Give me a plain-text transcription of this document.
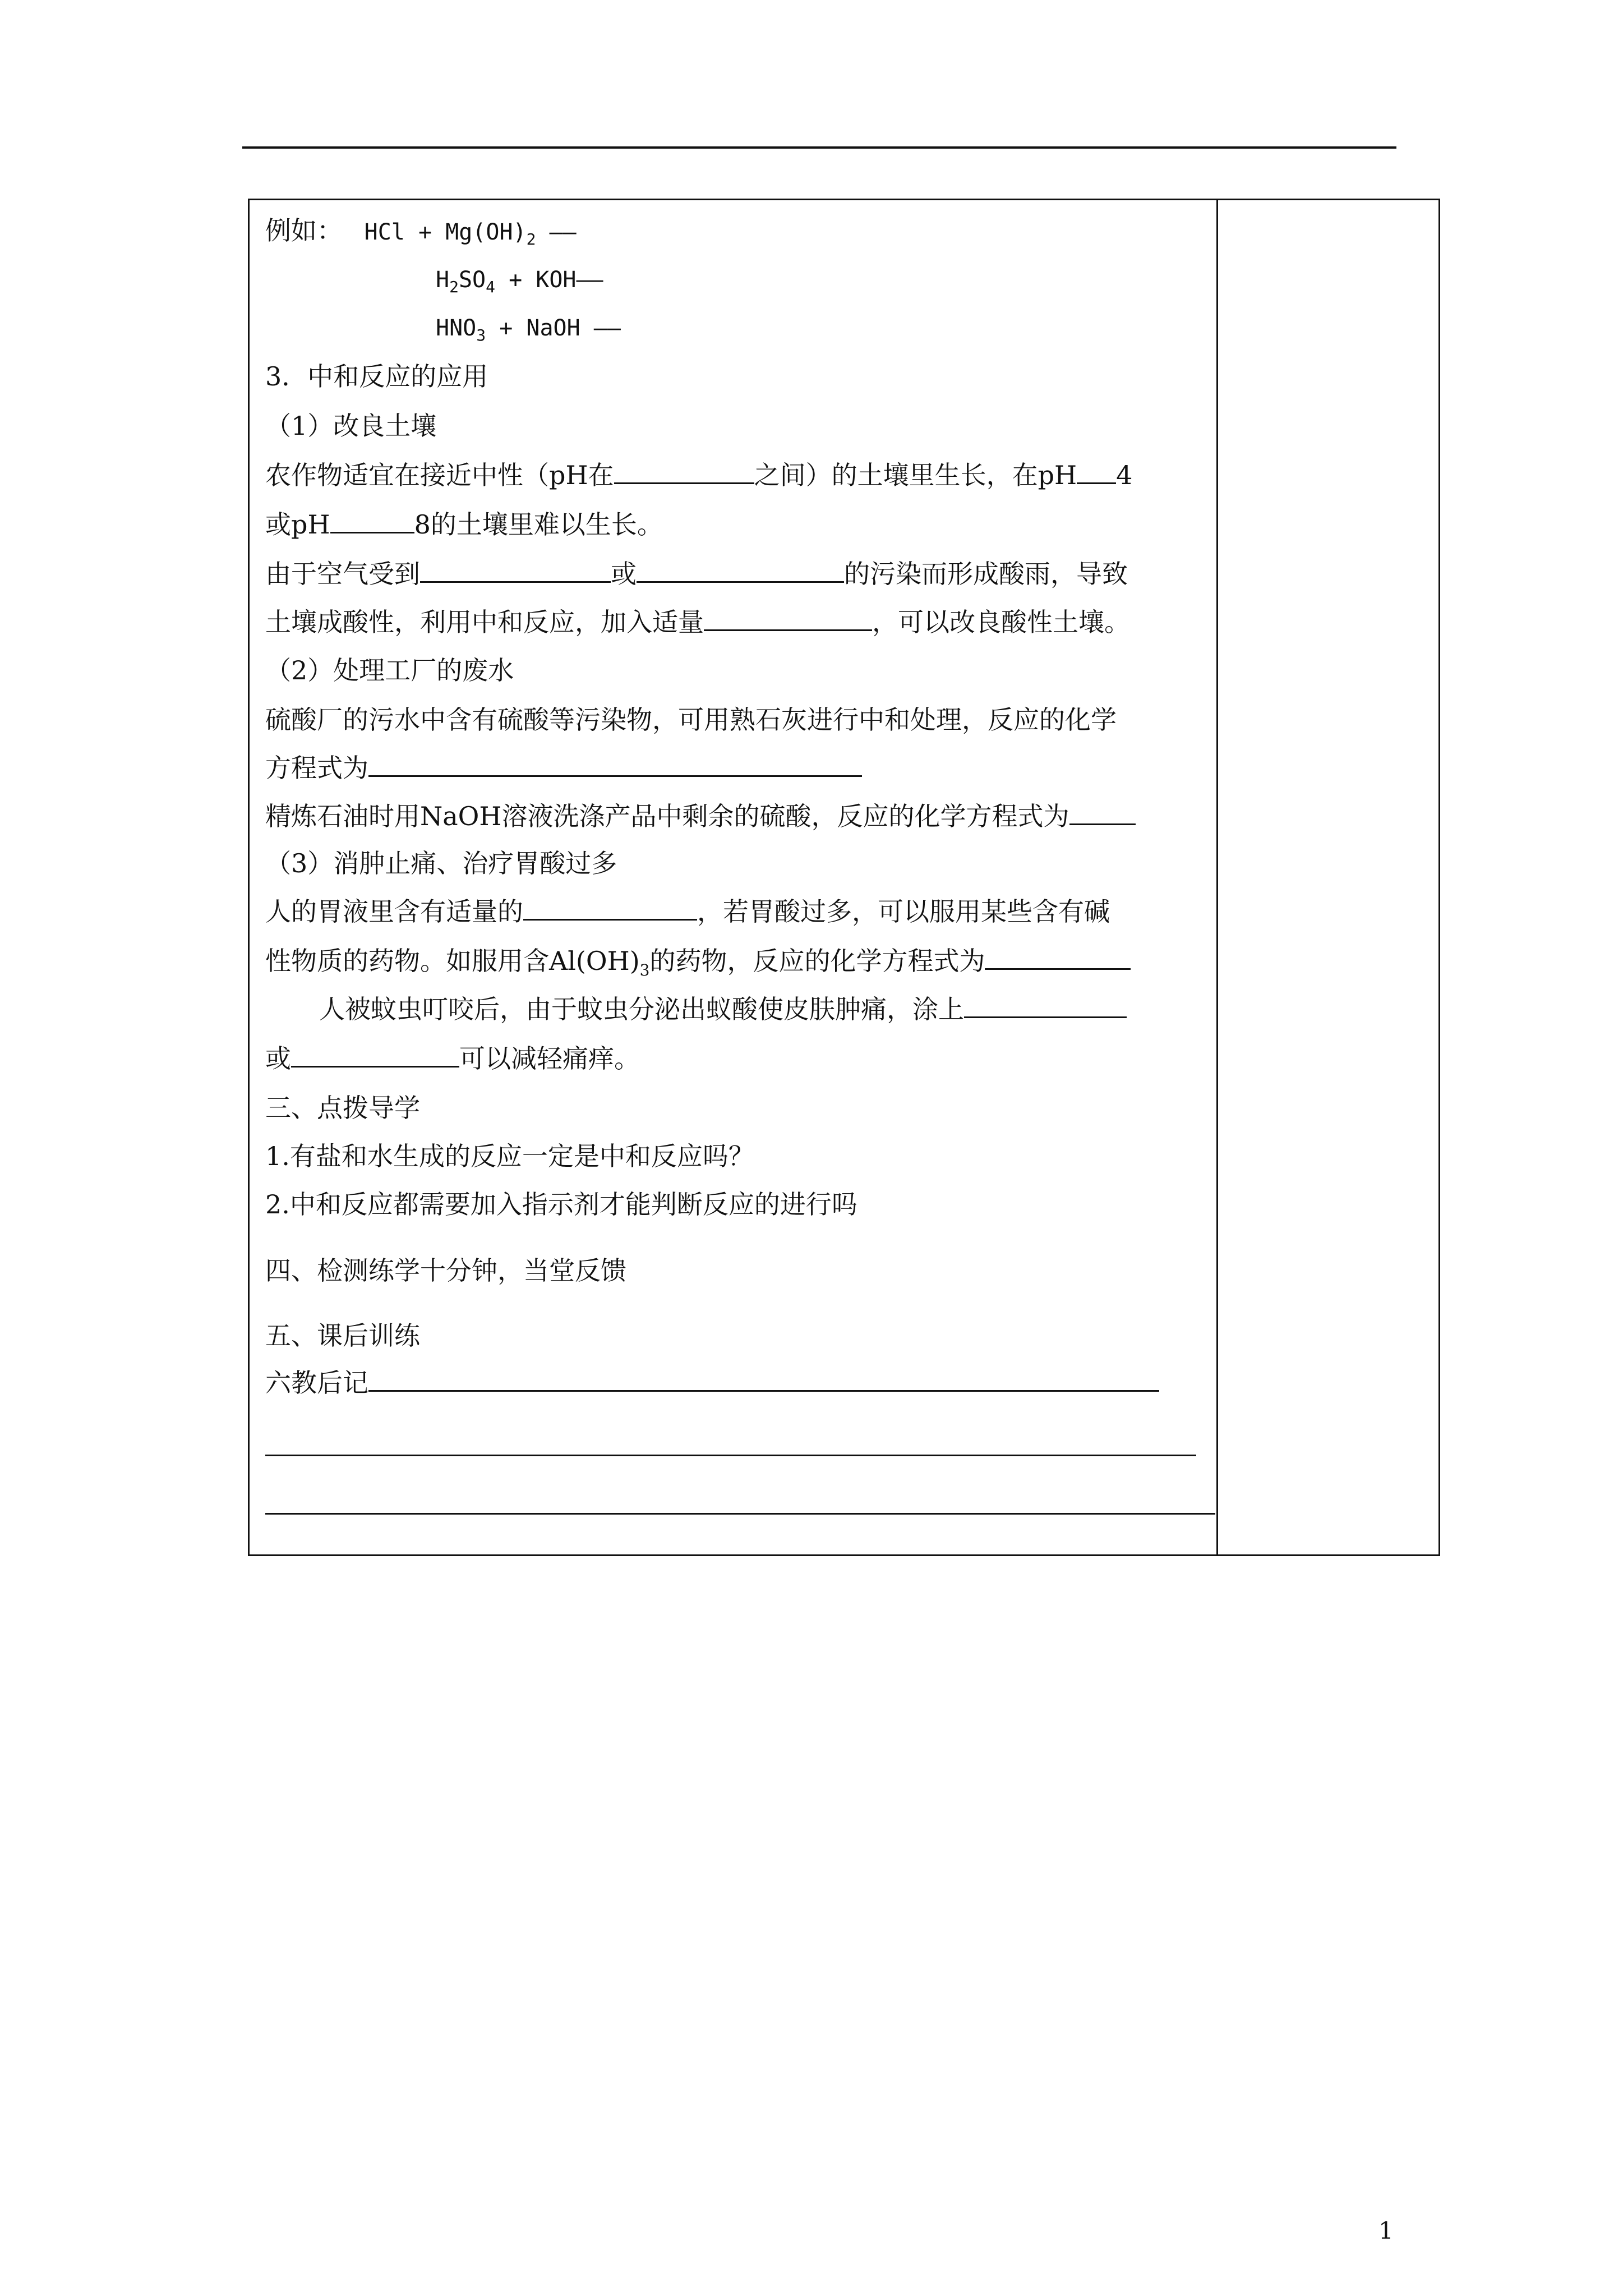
例如： HCl + $Mg(OH)_2$ ——
$H_2SO_4$ + KOH——
$HNO_3$ + NaOH ——
3．中和反应的应用
（1）改良土壤
农作物适宜在接近中性（pH在	之间）的土壤里生长，在pH 4
或pH	8的土壤里难以生长。
由于空气受到	或	的污染而形成酸雨，导致
土壤成酸性，利用中和反应，加入适量	，可以改良酸性土壤。
（2）处理工厂的废水
硫酸厂的污水中含有硫酸等污染物，可用熟石灰进行中和处理，反应的化学
方程式为
精炼石油时用NaOH溶液洗涤产品中剩余的硫酸，反应的化学方程式为
（3）消肿止痛、治疗胃酸过多
人的胃液里含有适量的	，若胃酸过多，可以服用某些含有碱
性物质的药物。如服用含$Al(OH)_3$的药物，反应的化学方程式为
人被蚊虫叮咬后，由于蚊虫分泌出蚁酸使皮肤肿痛，涂上
或	可以减轻痛痒。
三、点拨导学
1.有盐和水生成的反应一定是中和反应吗？
2.中和反应都需要加入指示剂才能判断反应的进行吗
四、检测练学十分钟，当堂反馈
五、课后训练
六教后记
1
